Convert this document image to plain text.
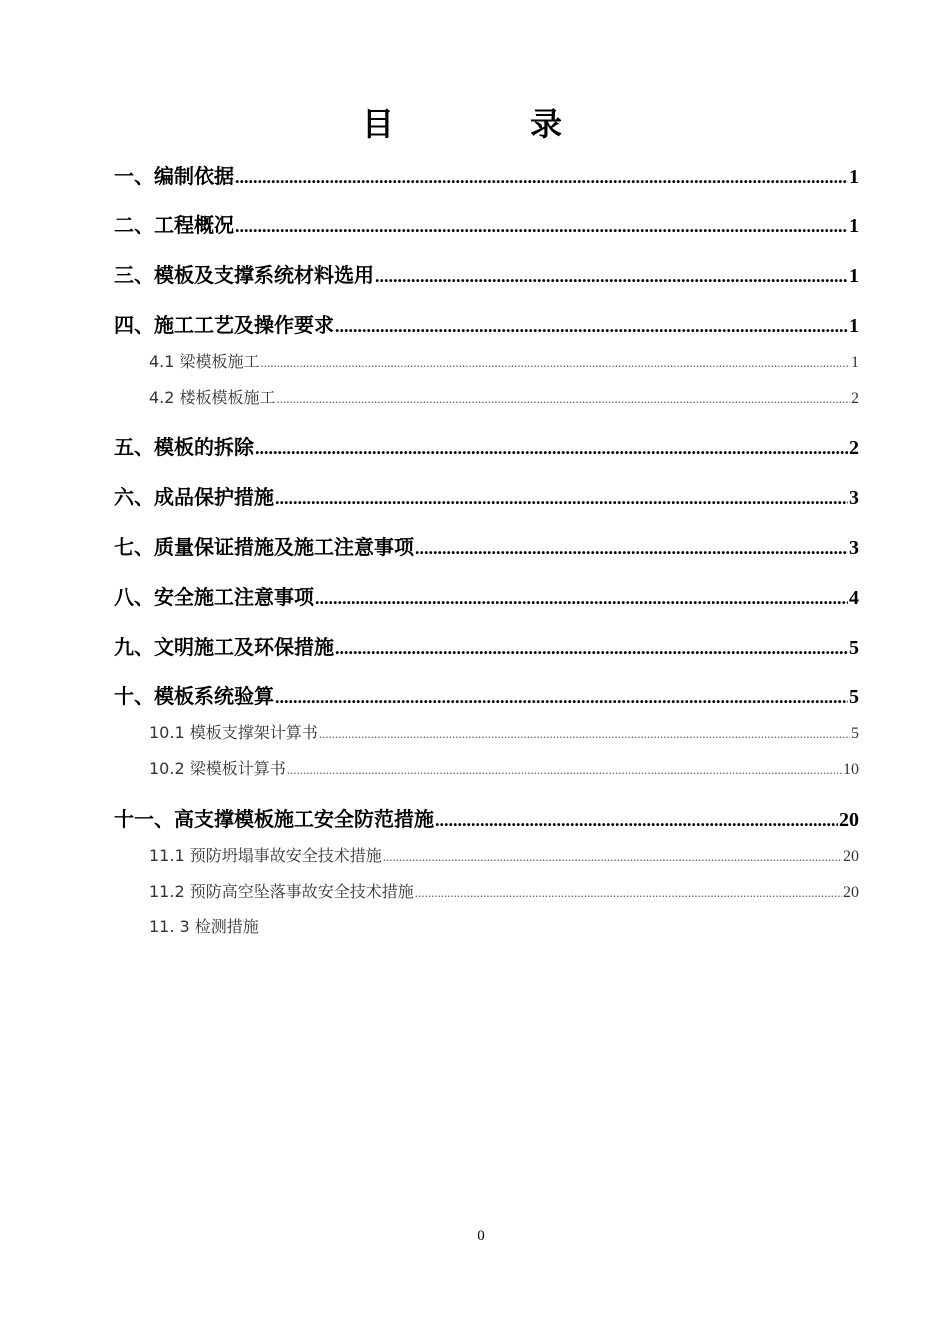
目　录
一、编制依据 .....	1
二、工程概况 .....	1
三、模板及支撑系统材料选用 .....	1
四、施工工艺及操作要求 .....	1
4.1 梁模板施工 .....	1
4.2 楼板模板施工 .....	2
五、模板的拆除 .....	2
六、成品保护措施 .....	3
七、质量保证措施及施工注意事项 .....	3
八、安全施工注意事项 .....	4
九、文明施工及环保措施 .....	5
十、模板系统验算 .....	5
10.1 模板支撑架计算书 .....	5
10.2 梁模板计算书 .....	10
十一、高支撑模板施工安全防范措施 .....	20
11.1 预防坍塌事故安全技术措施 .....	20
11.2 预防高空坠落事故安全技术措施 .....	20
11. 3 检测措施
0
